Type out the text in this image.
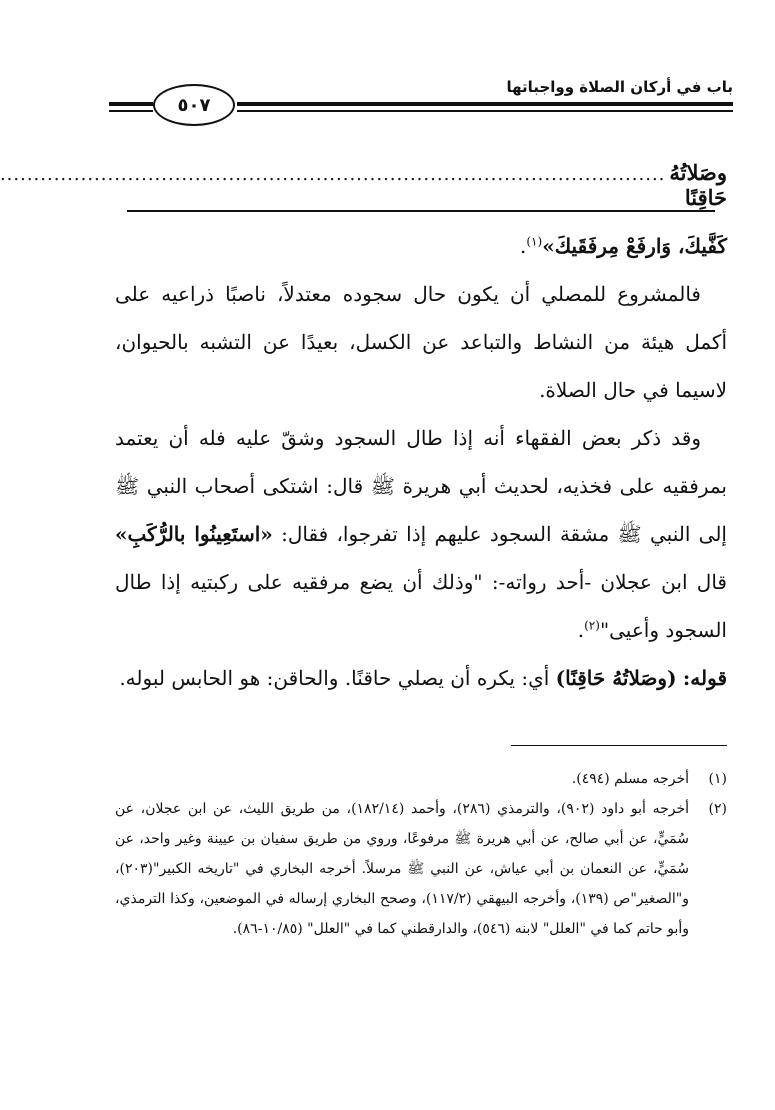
باب في أركان الصلاة وواجباتها
٥٠٧
وصَلاتُهُ حَاقِنًا
...................................................................................................

كَفَّيكَ، وَارفَعْ مِرفَقَيكَ»$^{(١)}$.

فالمشروع للمصلي أن يكون حال سجوده معتدلاً، ناصبًا ذراعيه على أكمل هيئة من النشاط والتباعد عن الكسل، بعيدًا عن التشبه بالحيوان، لاسيما في حال الصلاة.

وقد ذكر بعض الفقهاء أنه إذا طال السجود وشقّ عليه فله أن يعتمد بمرفقيه على فخذيه، لحديث أبي هريرة ﷺ قال: اشتكى أصحاب النبي ﷺ إلى النبي ﷺ مشقة السجود عليهم إذا تفرجوا، فقال: «استَعِينُوا بالرُّكَبِ» قال ابن عجلان -أحد رواته-: "وذلك أن يضع مرفقيه على ركبتيه إذا طال السجود وأعيى"$^{(٢)}$.

قوله: (وصَلاتُهُ حَاقِنًا) أي: يكره أن يصلي حاقنًا. والحاقن: هو الحابس لبوله.

(١)

أخرجه مسلم (٤٩٤).

(٢)

أخرجه أبو داود (٩٠٢)، والترمذي (٢٨٦)، وأحمد (١٨٢/١٤)، من طريق الليث، عن ابن عجلان، عن سُمَيٍّ، عن أبي صالح، عن أبي هريرة ﷺ مرفوعًا، وروي من طريق سفيان بن عيينة وغير واحد، عن سُمَيٍّ، عن النعمان بن أبي عياش، عن النبي ﷺ مرسلاً. أخرجه البخاري في "تاريخه الكبير"(٢٠٣)، و"الصغير"ص (١٣٩)، وأخرجه البيهقي (١١٧/٢)، وصحح البخاري إرساله في الموضعين، وكذا الترمذي، وأبو حاتم كما في "العلل" لابنه (٥٤٦)، والدارقطني كما في "العلل" (١٠/٨٥-٨٦).
